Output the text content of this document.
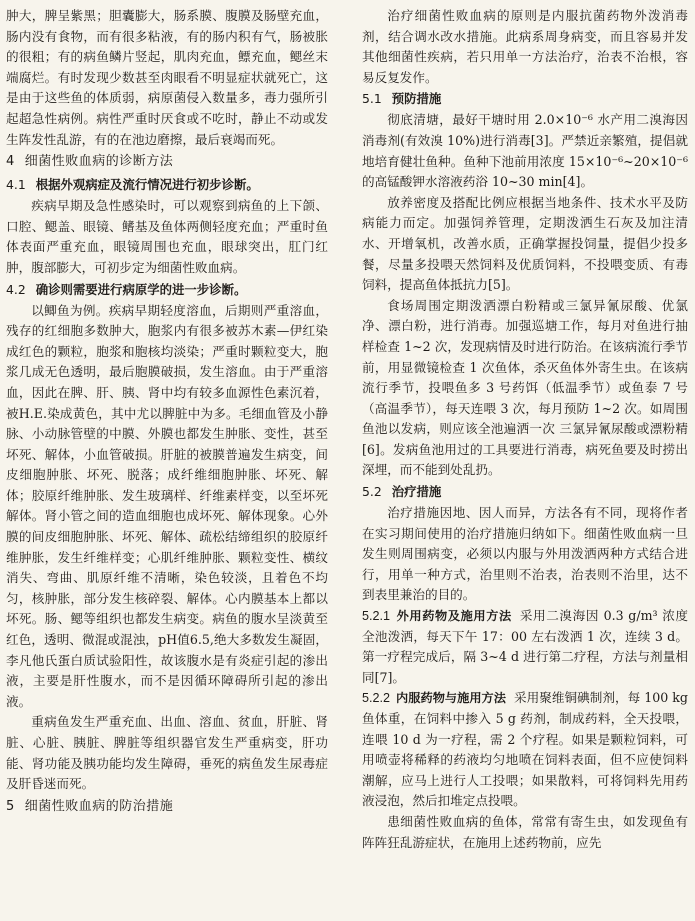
肿大，脾呈紫黑；胆囊膨大，肠系膜、腹膜及肠壁充血，肠内没有食物，而有很多粘液，有的肠内积有气，肠被胀的很粗；有的病鱼鳞片竖起，肌肉充血，鳔充血，鳃丝末端腐烂。有时发现少数甚至肉眼看不明显症状就死亡，这是由于这些鱼的体质弱，病原菌侵入数量多，毒力强所引起超急性病例。病性严重时厌食或不吃时，静止不动或发生阵发性乱游，有的在池边磨擦，最后衰竭而死。

4 细菌性败血病的诊断方法
4.1 根据外观病症及流行情况进行初步诊断。

疾病早期及急性感染时，可以观察到病鱼的上下颌、口腔、鳃盖、眼镜、鳍基及鱼体两侧轻度充血；严重时鱼体表面严重充血，眼镜周围也充血，眼球突出，肛门红肿，腹部膨大，可初步定为细菌性败血病。

4.2 确诊则需要进行病原学的进一步诊断。

以鲫鱼为例。疾病早期轻度溶血，后期则严重溶血，残存的红细胞多数肿大，胞浆内有很多被苏木素—伊红染成红色的颗粒，胞浆和胞核均淡染；严重时颗粒变大，胞浆几成无色透明，最后胞膜破损，发生溶血。由于严重溶血，因此在脾、肝、胰、肾中均有较多血源性色素沉着，被H.E.染成黄色，其中尤以脾脏中为多。毛细血管及小静脉、小动脉管壁的中膜、外膜也都发生肿胀、变性，甚至坏死、解体，小血管破损。肝脏的被膜普遍发生病变，间皮细胞肿胀、坏死、脱落；成纤维细胞肿胀、坏死、解体；胶原纤维肿胀、发生玻璃样、纤维素样变，以至坏死解体。肾小管之间的造血细胞也成坏死、解体现象。心外膜的间皮细胞肿胀、坏死、解体、疏松结缔组织的胶原纤维肿胀，发生纤维样变；心肌纤维肿胀、颗粒变性、横纹消失、弯曲、肌原纤维不清晰，染色较淡，且着色不均匀，核肿胀，部分发生核碎裂、解体。心内膜基本上都以坏死。肠、鳃等组织也都发生病变。病鱼的腹水呈淡黄至红色，透明、微混或混浊，pH值6.5,绝大多数发生凝固，李凡他氏蛋白质试验阳性，故该腹水是有炎症引起的渗出液，主要是肝性腹水，而不是因循环障碍所引起的渗出液。

重病鱼发生严重充血、出血、溶血、贫血，肝脏、肾脏、心脏、胰脏、脾脏等组织器官发生严重病变，肝功能、肾功能及胰功能均发生障碍，垂死的病鱼发生尿毒症及肝昏迷而死。

5 细菌性败血病的防治措施

治疗细菌性败血病的原则是内服抗菌药物外泼消毒剂，结合调水改水措施。此病系周身病变，而且容易并发其他细菌性疾病，若只用单一方法治疗，治表不治根，容易反复发作。

5.1 预防措施

彻底清塘，最好干塘时用 2.0×10⁻⁶ 水产用二溴海因消毒剂(有效溴 10%)进行消毒[3]。严禁近亲繁殖，提倡就地培育健壮鱼种。鱼种下池前用浓度 15×10⁻⁶~20×10⁻⁶ 的高锰酸钾水溶液药浴 10~30 min[4]。

放养密度及搭配比例应根据当地条件、技术水平及防病能力而定。加强饲养管理，定期泼洒生石灰及加注清水、开增氧机，改善水质，正确掌握投饲量，提倡少投多餐，尽量多投喂天然饲料及优质饲料，不投喂变质、有毒饲料，提高鱼体抵抗力[5]。

食场周围定期泼洒漂白粉精或三氯异氰尿酸、优氯净、漂白粉，进行消毒。加强巡塘工作，每月对鱼进行抽样检查 1~2 次，发现病情及时进行防治。在该病流行季节前，用显微镜检查 1 次鱼体，杀灭鱼体外寄生虫。在该病流行季节，投喂鱼多 3 号药饵（低温季节）或鱼泰 7 号（高温季节），每天连喂 3 次，每月预防 1~2 次。如周围鱼池以发病，则应该全池遍洒一次 三氯异氰尿酸或漂粉精[6]。发病鱼池用过的工具要进行消毒，病死鱼要及时捞出深埋，而不能到处乱扔。

5.2 治疗措施

治疗措施因地、因人而异，方法各有不同，现将作者在实习期间使用的治疗措施归纳如下。细菌性败血病一旦发生则周围病变，必须以内服与外用泼洒两种方式结合进行，用单一种方式，治里则不治表，治表则不治里，达不到表里兼治的目的。

5.2.1 外用药物及施用方法 采用二溴海因 0.3 g/m³ 浓度全池泼洒，每天下午 17：00 左右泼洒 1 次，连续 3 d。第一疗程完成后，隔 3~4 d 进行第二疗程，方法与剂量相同[7]。

5.2.2 内服药物与施用方法 采用聚维铜碘制剂，每 100 kg 鱼体重，在饲料中掺入 5 g 药剂，制成药料，全天投喂，连喂 10 d 为一疗程，需 2 个疗程。如果是颗粒饲料，可用喷壶将稀释的药液均匀地喷在饲料表面，但不应使饲料潮解，应马上进行人工投喂；如果散料，可将饲料先用药液浸泡，然后扣堆定点投喂。

患细菌性败血病的鱼体，常常有寄生虫，如发现鱼有阵阵狂乱游症状，在施用上述药物前，应先
